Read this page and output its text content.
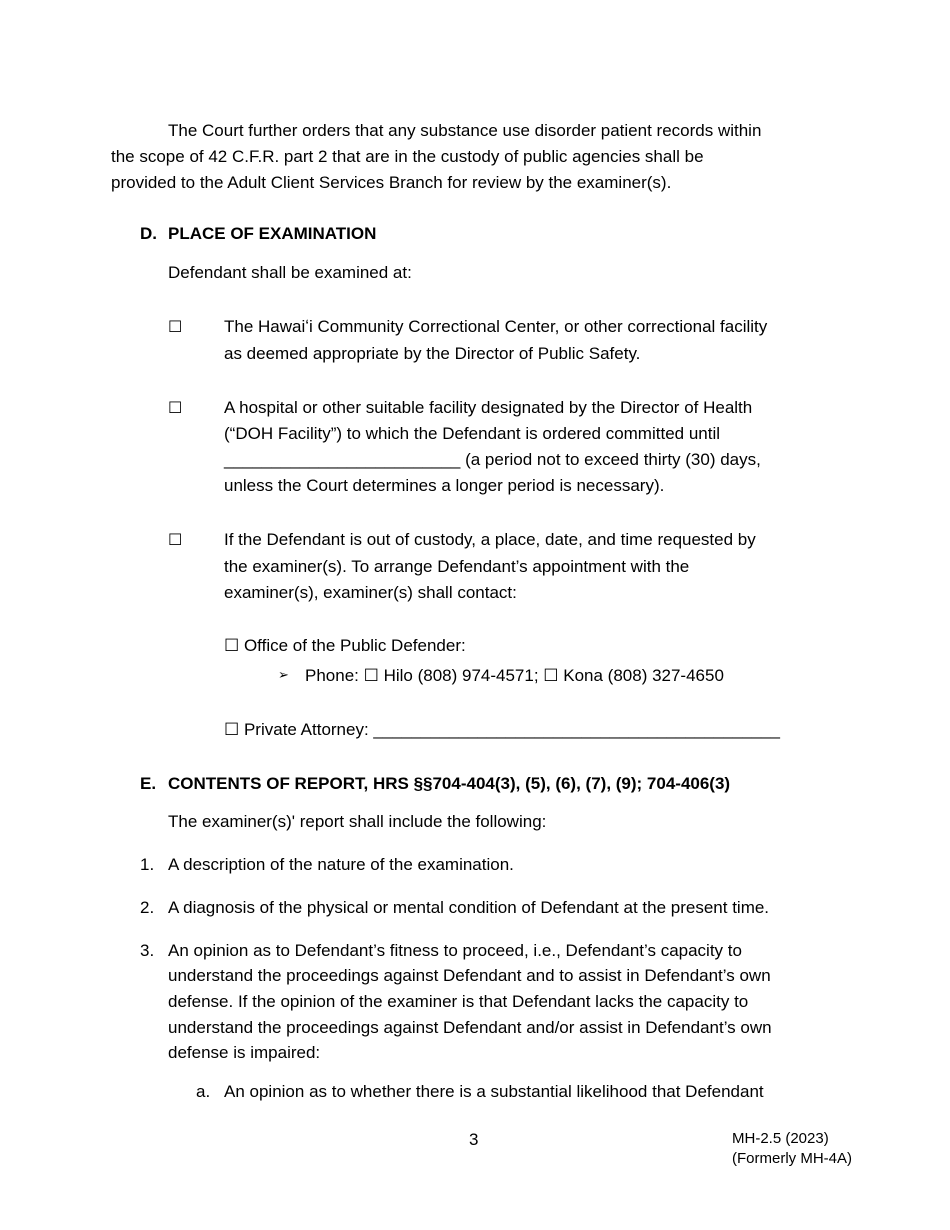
The Court further orders that any substance use disorder patient records within
the scope of 42 C.F.R. part 2 that are in the custody of public agencies shall be
provided to the Adult Client Services Branch for review by the examiner(s).
D. PLACE OF EXAMINATION
Defendant shall be examined at:
☐ The Hawaiʻi Community Correctional Center, or other correctional facility
as deemed appropriate by the Director of Public Safety.
☐ A hospital or other suitable facility designated by the Director of Health
(“DOH Facility”) to which the Defendant is ordered committed until
_________________________ (a period not to exceed thirty (30) days,
unless the Court determines a longer period is necessary).
☐ If the Defendant is out of custody, a place, date, and time requested by
the examiner(s). To arrange Defendant’s appointment with the
examiner(s), examiner(s) shall contact:
☐ Office of the Public Defender:
➢ Phone: ☐ Hilo (808) 974-4571; ☐ Kona (808) 327-4650
☐ Private Attorney: ___________________________________________
E. CONTENTS OF REPORT, HRS §§704-404(3), (5), (6), (7), (9); 704-406(3)
The examiner(s)' report shall include the following:
1. A description of the nature of the examination.
2. A diagnosis of the physical or mental condition of Defendant at the present time.
3. An opinion as to Defendant’s fitness to proceed, i.e., Defendant’s capacity to
understand the proceedings against Defendant and to assist in Defendant’s own
defense. If the opinion of the examiner is that Defendant lacks the capacity to
understand the proceedings against Defendant and/or assist in Defendant’s own
defense is impaired:
a. An opinion as to whether there is a substantial likelihood that Defendant
3	MH-2.5 (2023)
(Formerly MH-4A)
